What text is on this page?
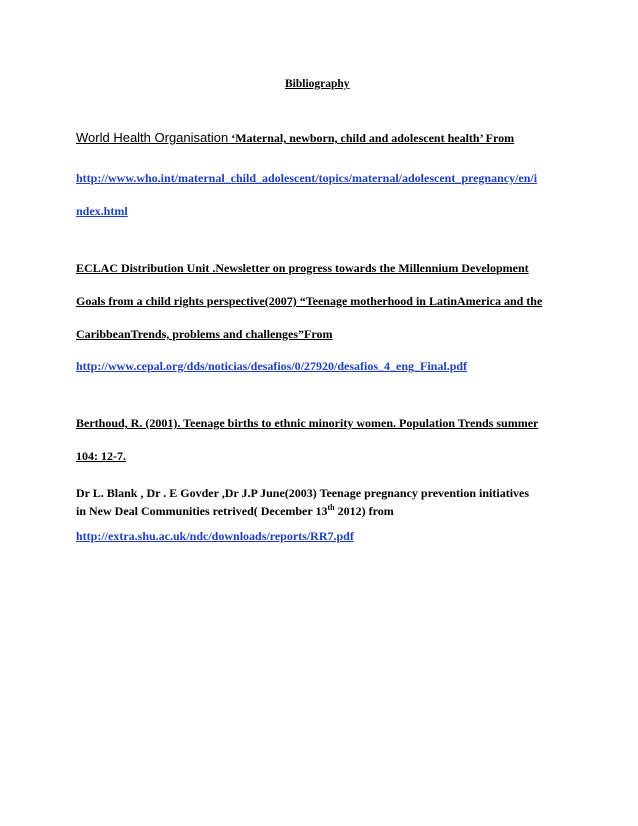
Bibliography
World Health Organisation ‘Maternal, newborn, child and adolescent health’ From
http://www.who.int/maternal_child_adolescent/topics/maternal/adolescent_pregnancy/en/i
ndex.html
ECLAC Distribution Unit .Newsletter on progress towards the Millennium Development
Goals from a child rights perspective(2007) “Teenage motherhood in LatinAmerica and the
CaribbeanTrends, problems and challenges”From
http://www.cepal.org/dds/noticias/desafios/0/27920/desafios_4_eng_Final.pdf
Berthoud, R. (2001). Teenage births to ethnic minority women. Population Trends summer
104: 12-7.
Dr L. Blank , Dr . E Govder ,Dr J.P June(2003) Teenage pregnancy prevention initiatives
in New Deal Communities retrived( December 13th 2012) from
http://extra.shu.ac.uk/ndc/downloads/reports/RR7.pdf
